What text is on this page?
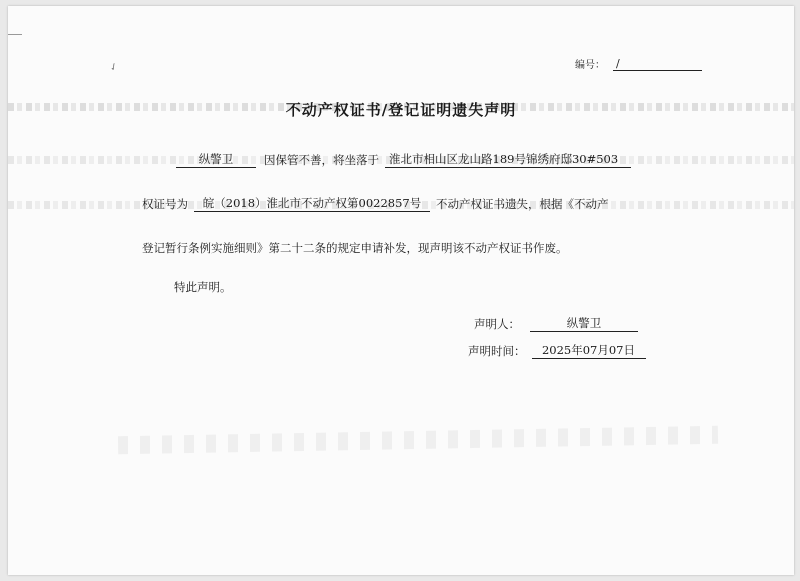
✓	编号： /
不动产权证书/登记证明遗失声明
纵警卫	因保管不善，将坐落于 淮北市相山区龙山路189号锦绣府邸30#503
权证号为	皖（2018）淮北市不动产权第0022857号	不动产权证书遗失，根据《不动产
登记暂行条例实施细则》第二十二条的规定申请补发，现声明该不动产权证书作废。
特此声明。
声明人：	纵警卫
声明时间：	2025年07月07日
